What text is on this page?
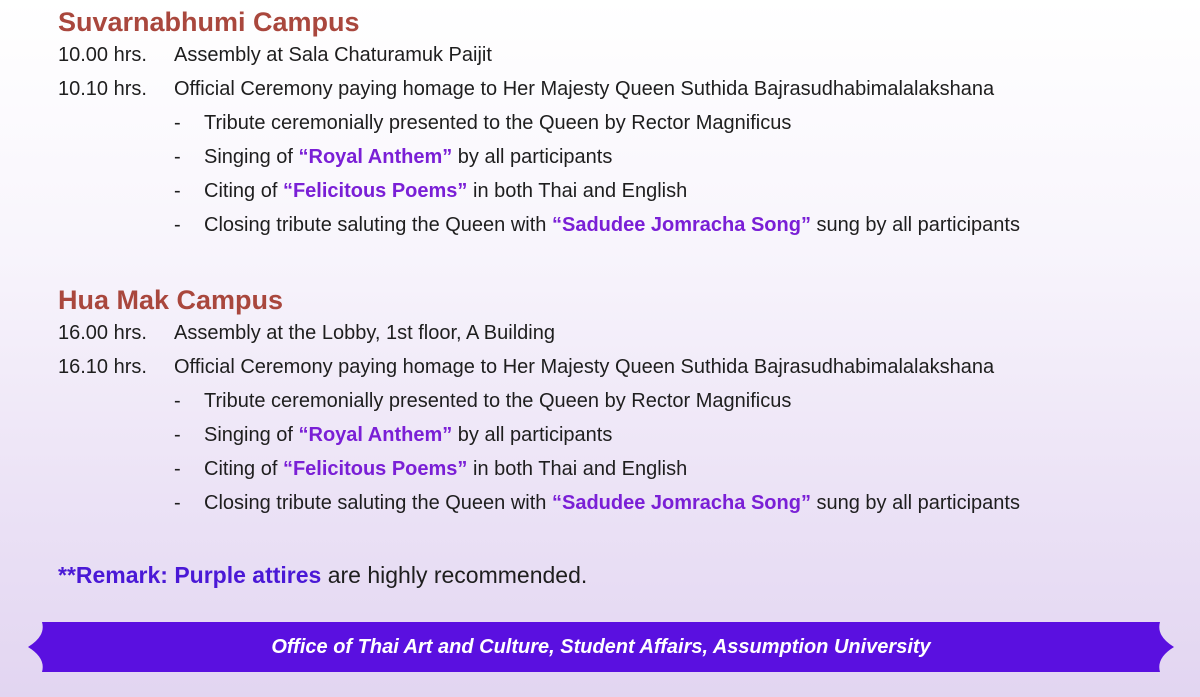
Suvarnabhumi Campus
10.00 hrs.	Assembly at Sala Chaturamuk Paijit
10.10 hrs.	Official Ceremony paying homage to Her Majesty Queen Suthida Bajrasudhabimalalakshana
-	Tribute ceremonially presented to the Queen by Rector Magnificus
-	Singing of “Royal Anthem” by all participants
-	Citing of “Felicitous Poems” in both Thai and English
-	Closing tribute saluting the Queen with “Sadudee Jomracha Song” sung by all participants
Hua Mak Campus
16.00 hrs.	Assembly at the Lobby, 1st floor, A Building
16.10 hrs.	Official Ceremony paying homage to Her Majesty Queen Suthida Bajrasudhabimalalakshana
-	Tribute ceremonially presented to the Queen by Rector Magnificus
-	Singing of “Royal Anthem” by all participants
-	Citing of “Felicitous Poems” in both Thai and English
-	Closing tribute saluting the Queen with “Sadudee Jomracha Song” sung by all participants
**Remark: Purple attires are highly recommended.
Office of Thai Art and Culture, Student Affairs, Assumption University
